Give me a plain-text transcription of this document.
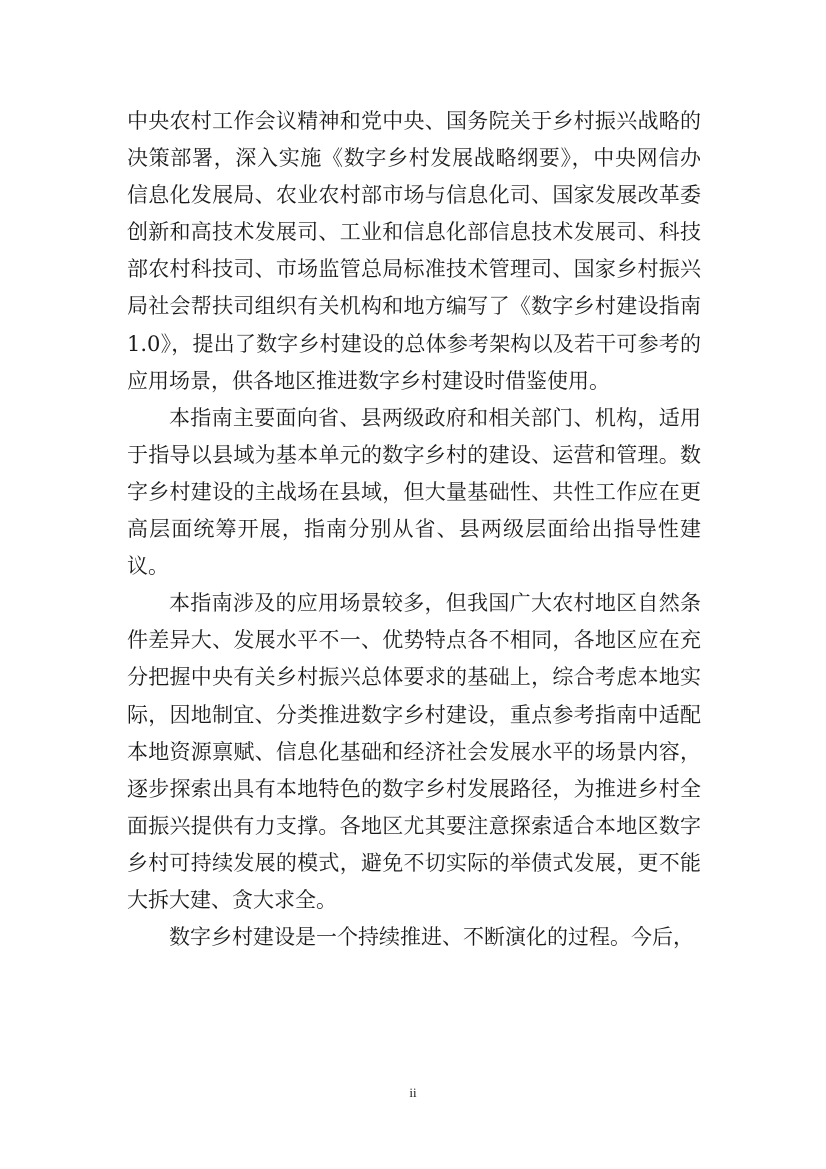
中央农村工作会议精神和党中央、国务院关于乡村振兴战略的决策部署，深入实施《数字乡村发展战略纲要》，中央网信办信息化发展局、农业农村部市场与信息化司、国家发展改革委创新和高技术发展司、工业和信息化部信息技术发展司、科技部农村科技司、市场监管总局标准技术管理司、国家乡村振兴局社会帮扶司组织有关机构和地方编写了《数字乡村建设指南 1.0》，提出了数字乡村建设的总体参考架构以及若干可参考的应用场景，供各地区推进数字乡村建设时借鉴使用。

本指南主要面向省、县两级政府和相关部门、机构，适用于指导以县域为基本单元的数字乡村的建设、运营和管理。数字乡村建设的主战场在县域，但大量基础性、共性工作应在更高层面统筹开展，指南分别从省、县两级层面给出指导性建议。

本指南涉及的应用场景较多，但我国广大农村地区自然条件差异大、发展水平不一、优势特点各不相同，各地区应在充分把握中央有关乡村振兴总体要求的基础上，综合考虑本地实际，因地制宜、分类推进数字乡村建设，重点参考指南中适配本地资源禀赋、信息化基础和经济社会发展水平的场景内容，逐步探索出具有本地特色的数字乡村发展路径，为推进乡村全面振兴提供有力支撑。各地区尤其要注意探索适合本地区数字乡村可持续发展的模式，避免不切实际的举债式发展，更不能大拆大建、贪大求全。

数字乡村建设是一个持续推进、不断演化的过程。今后，

ii
